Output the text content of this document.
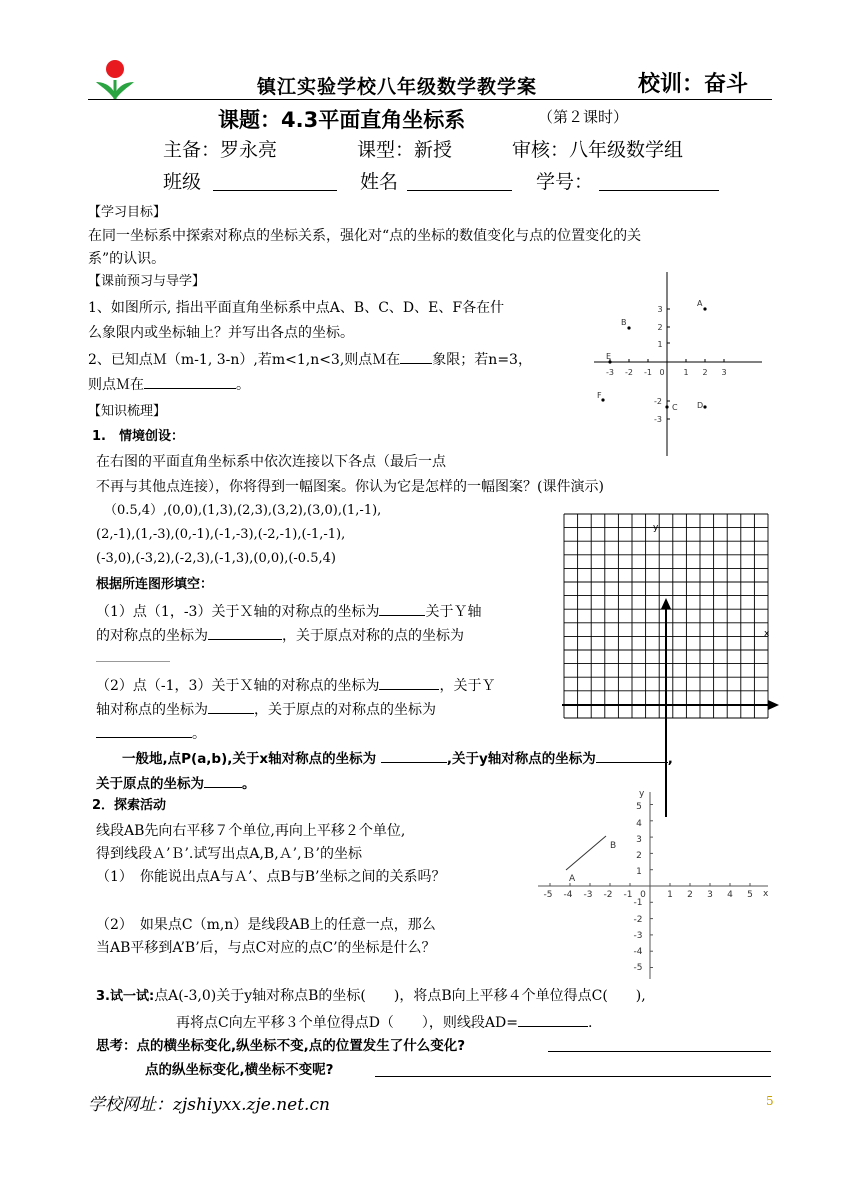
镇江实验学校八年级数学教学案	校训：奋斗
课题：4.3平面直角坐标系	（第２课时）
主备：罗永亮	课型：新授	审核：八年级数学组
班级	姓名	学号：
【学习目标】
在同一坐标系中探索对称点的坐标关系，强化对“点的坐标的数值变化与点的位置变化的关
系”的认识。
【课前预习与导学】
1、如图所示, 指出平面直角坐标系中点A、B、C、D、E、F各在什
么象限内或坐标轴上？并写出各点的坐标。
2、已知点Ｍ（m-1, 3-n）,若m<1,n<3,则点Ｍ在 象限；若n=3，
则点Ｍ在	。
-3 -2 -1 0 1 2 3
3
2
1
-2
-3
A
B
C D
E
F
【知识梳理】
1.　情境创设：
在右图的平面直角坐标系中依次连接以下各点（最后一点
不再与其他点连接），你将得到一幅图案。你认为它是怎样的一幅图案？(课件演示)
（0.5,4）,(0,0),(1,3),(2,3),(3,2),(3,0),(1,-1),
(2,-1),(1,-3),(0,-1),(-1,-3),(-2,-1),(-1,-1),
(-3,0),(-3,2),(-2,3),(-1,3),(0,0),(-0.5,4)
根据所连图形填空：
（1）点（1，-3）关于Ｘ轴的对称点的坐标为	关于Ｙ轴
的对称点的坐标为	，关于原点对称的点的坐标为
（2）点（-1，3）关于Ｘ轴的对称点的坐标为	，关于Ｙ
轴对称点的坐标为	，关于原点的对称点的坐标为
。
y
x
一般地,点P(a,b),关于x轴对称点的坐标为	,关于y轴对称点的坐标为	,
关于原点的坐标为	。
2．探索活动
线段AB先向右平移７个单位,再向上平移２个单位,
得到线段Ａ’Ｂ’.试写出点A,B,Ａ’,Ｂ’的坐标
（1）　你能说出点A与Ａ’、点B与B’坐标之间的关系吗？
（2）　如果点C（m,n）是线段AB上的任意一点，那么
当AB平移到A’B’后，与点C对应的点C’的坐标是什么？
y
x
A
B
-5 -4 -3 -2 -1 0 1 2 3 4 5
5
4
3
2
1
-1
-2
-3
-4
-5
3.试一试:点A(-3,0)关于y轴对称点B的坐标(　　)，将点B向上平移４个单位得点C(　　),
再将点C向左平移３个单位得点D（　　），则线段AD=	.
思考：点的横坐标变化,纵坐标不变,点的位置发生了什么变化?
点的纵坐标变化,横坐标不变呢?
学校网址：zjshiyxx.zje.net.cn	5
